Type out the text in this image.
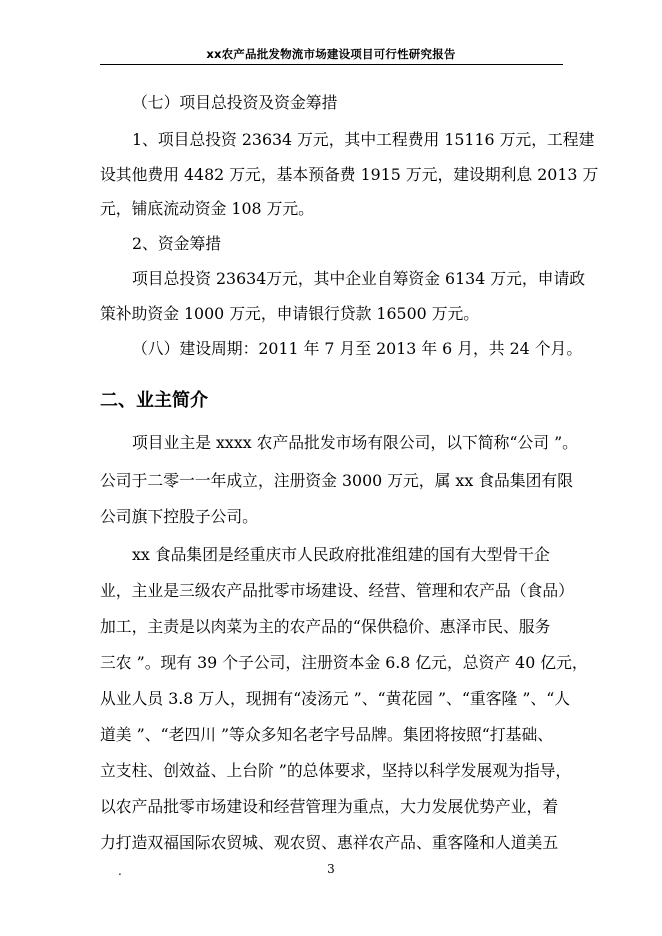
xx农产品批发物流市场建设项目可行性研究报告
（七）项目总投资及资金筹措
1、项目总投资 23634 万元，其中工程费用 15116 万元，工程建
设其他费用 4482 万元，基本预备费 1915 万元，建设期利息 2013 万
元，铺底流动资金 108 万元。
2、资金筹措
项目总投资 23634万元，其中企业自筹资金 6134 万元，申请政
策补助资金 1000 万元，申请银行贷款 16500 万元。
（八）建设周期：2011 年 7 月至 2013 年 6 月，共 24 个月。
二、业主简介
项目业主是 xxxx 农产品批发市场有限公司，以下简称“公司 ”。
公司于二零一一年成立，注册资金 3000 万元，属 xx 食品集团有限
公司旗下控股子公司。
xx 食品集团是经重庆市人民政府批准组建的国有大型骨干企
业，主业是三级农产品批零市场建设、经营、管理和农产品（食品）
加工，主责是以肉菜为主的农产品的“保供稳价、惠泽市民、服务
三农 ”。现有 39 个子公司，注册资本金 6.8 亿元，总资产 40 亿元，
从业人员 3.8 万人，现拥有“凌汤元 ”、“黄花园 ”、“重客隆 ”、“人
道美 ”、“老四川 ”等众多知名老字号品牌。集团将按照“打基础、
立支柱、创效益、上台阶 ”的总体要求，坚持以科学发展观为指导，
以农产品批零市场建设和经营管理为重点，大力发展优势产业，着
力打造双福国际农贸城、观农贸、惠祥农产品、重客隆和人道美五
.	3
